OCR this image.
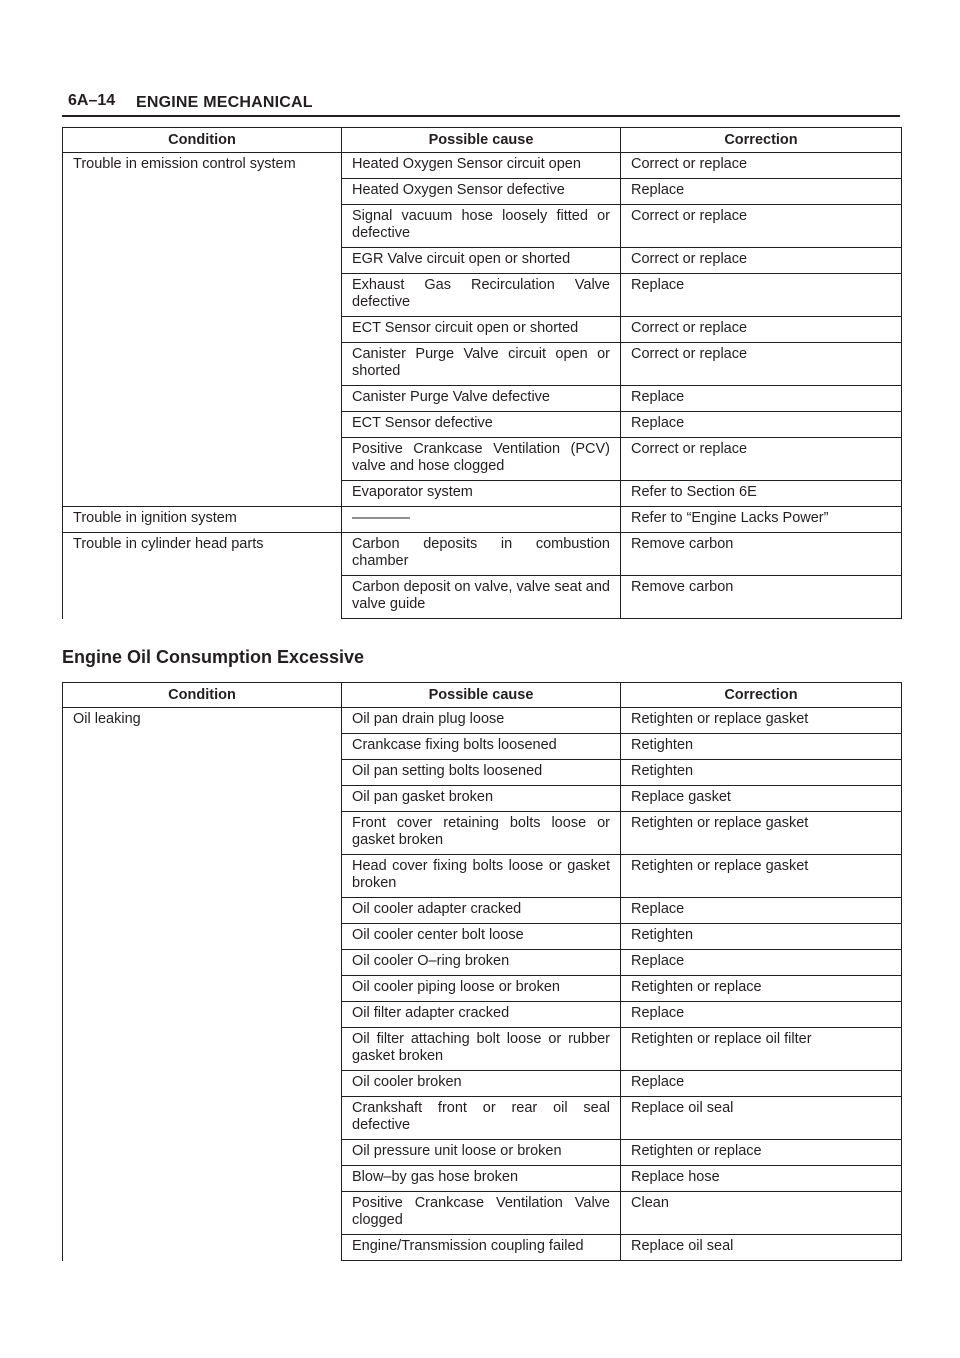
6A–14 ENGINE MECHANICAL
Condition	Possible cause	Correction
Trouble in emission control system	Heated Oxygen Sensor circuit open	Correct or replace
	Heated Oxygen Sensor defective	Replace
	Signal vacuum hose loosely fitted or defective	Correct or replace
	EGR Valve circuit open or shorted	Correct or replace
	Exhaust Gas Recirculation Valve defective	Replace
	ECT Sensor circuit open or shorted	Correct or replace
	Canister Purge Valve circuit open or shorted	Correct or replace
	Canister Purge Valve defective	Replace
	ECT Sensor defective	Replace
	Positive Crankcase Ventilation (PCV) valve and hose clogged	Correct or replace
	Evaporator system	Refer to Section 6E
Trouble in ignition system	————	Refer to “Engine Lacks Power”
Trouble in cylinder head parts	Carbon deposits in combustion chamber	Remove carbon
	Carbon deposit on valve, valve seat and valve guide	Remove carbon
Engine Oil Consumption Excessive
Condition	Possible cause	Correction
Oil leaking	Oil pan drain plug loose	Retighten or replace gasket
	Crankcase fixing bolts loosened	Retighten
	Oil pan setting bolts loosened	Retighten
	Oil pan gasket broken	Replace gasket
	Front cover retaining bolts loose or gasket broken	Retighten or replace gasket
	Head cover fixing bolts loose or gasket broken	Retighten or replace gasket
	Oil cooler adapter cracked	Replace
	Oil cooler center bolt loose	Retighten
	Oil cooler O–ring broken	Replace
	Oil cooler piping loose or broken	Retighten or replace
	Oil filter adapter cracked	Replace
	Oil filter attaching bolt loose or rubber gasket broken	Retighten or replace oil filter
	Oil cooler broken	Replace
	Crankshaft front or rear oil seal defective	Replace oil seal
	Oil pressure unit loose or broken	Retighten or replace
	Blow–by gas hose broken	Replace hose
	Positive Crankcase Ventilation Valve clogged	Clean
	Engine/Transmission coupling failed	Replace oil seal
